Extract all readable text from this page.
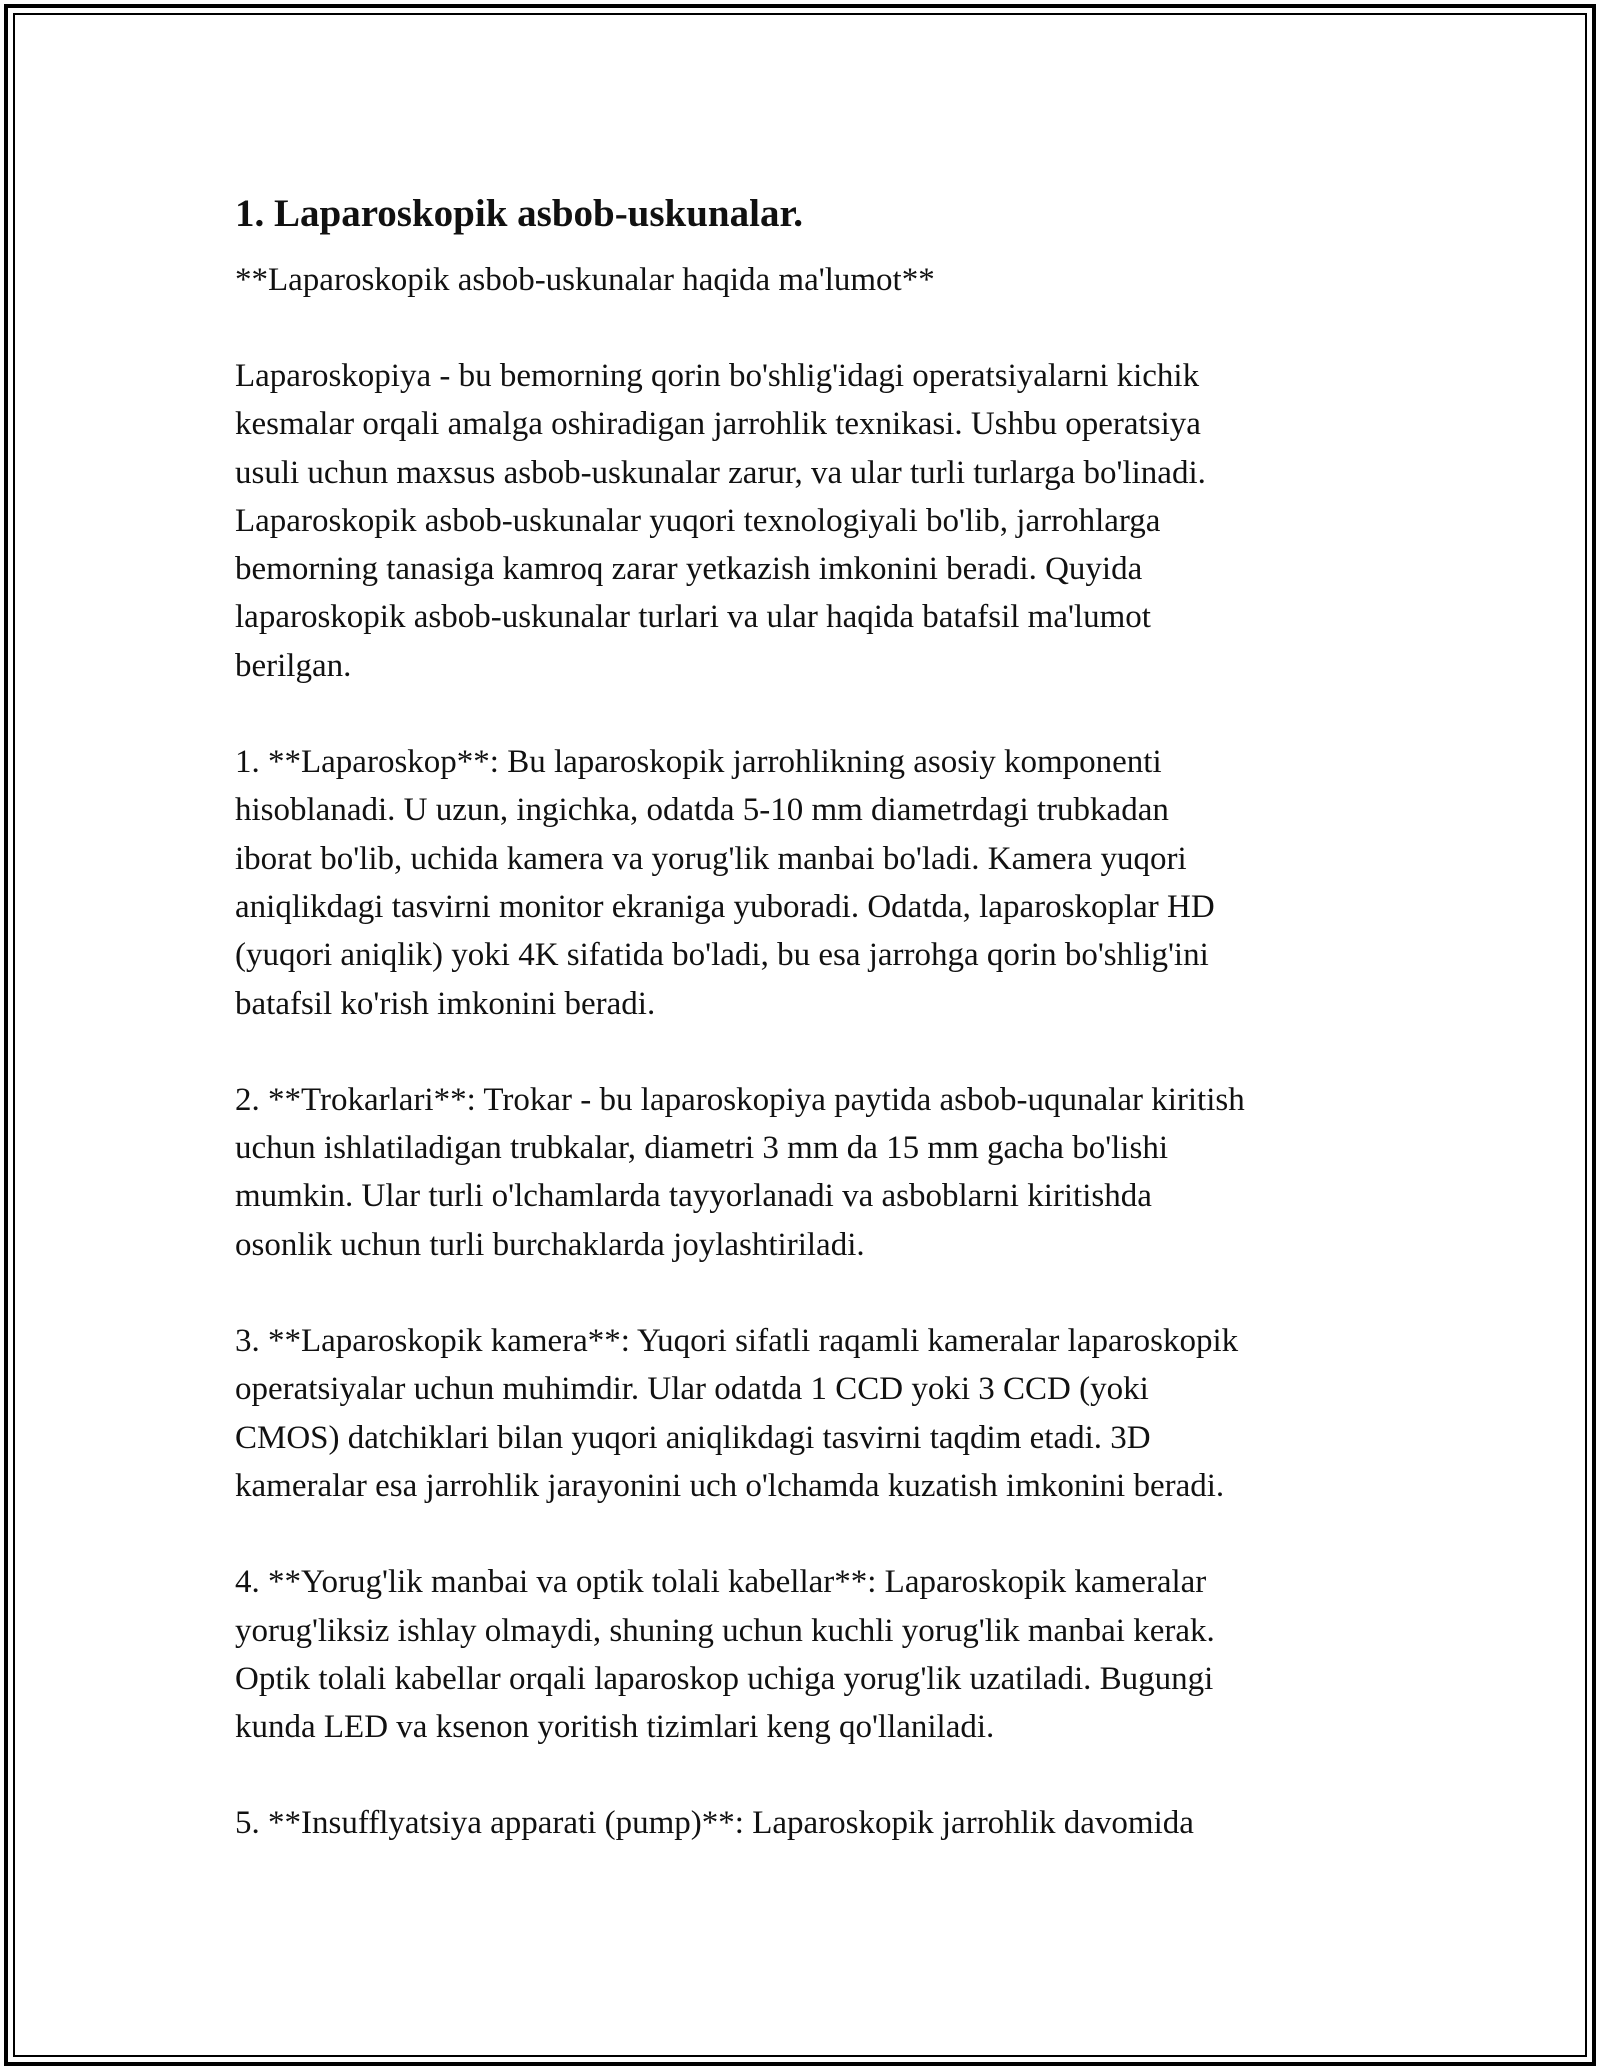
1. Laparoskopik asbob-uskunalar.

**Laparoskopik asbob-uskunalar haqida ma'lumot**

Laparoskopiya - bu bemorning qorin bo'shlig'idagi operatsiyalarni kichik
kesmalar orqali amalga oshiradigan jarrohlik texnikasi. Ushbu operatsiya
usuli uchun maxsus asbob-uskunalar zarur, va ular turli turlarga bo'linadi.
Laparoskopik asbob-uskunalar yuqori texnologiyali bo'lib, jarrohlarga
bemorning tanasiga kamroq zarar yetkazish imkonini beradi. Quyida
laparoskopik asbob-uskunalar turlari va ular haqida batafsil ma'lumot
berilgan.

1. **Laparoskop**: Bu laparoskopik jarrohlikning asosiy komponenti
hisoblanadi. U uzun, ingichka, odatda 5-10 mm diametrdagi trubkadan
iborat bo'lib, uchida kamera va yorug'lik manbai bo'ladi. Kamera yuqori
aniqlikdagi tasvirni monitor ekraniga yuboradi. Odatda, laparoskoplar HD
(yuqori aniqlik) yoki 4K sifatida bo'ladi, bu esa jarrohga qorin bo'shlig'ini
batafsil ko'rish imkonini beradi.

2. **Trokarlari**: Trokar - bu laparoskopiya paytida asbob-uqunalar kiritish
uchun ishlatiladigan trubkalar, diametri 3 mm da 15 mm gacha bo'lishi
mumkin. Ular turli o'lchamlarda tayyorlanadi va asboblarni kiritishda
osonlik uchun turli burchaklarda joylashtiriladi.

3. **Laparoskopik kamera**: Yuqori sifatli raqamli kameralar laparoskopik
operatsiyalar uchun muhimdir. Ular odatda 1 CCD yoki 3 CCD (yoki
CMOS) datchiklari bilan yuqori aniqlikdagi tasvirni taqdim etadi. 3D
kameralar esa jarrohlik jarayonini uch o'lchamda kuzatish imkonini beradi.

4. **Yorug'lik manbai va optik tolali kabellar**: Laparoskopik kameralar
yorug'liksiz ishlay olmaydi, shuning uchun kuchli yorug'lik manbai kerak.
Optik tolali kabellar orqali laparoskop uchiga yorug'lik uzatiladi. Bugungi
kunda LED va ksenon yoritish tizimlari keng qo'llaniladi.

5. **Insufflyatsiya apparati (pump)**: Laparoskopik jarrohlik davomida
